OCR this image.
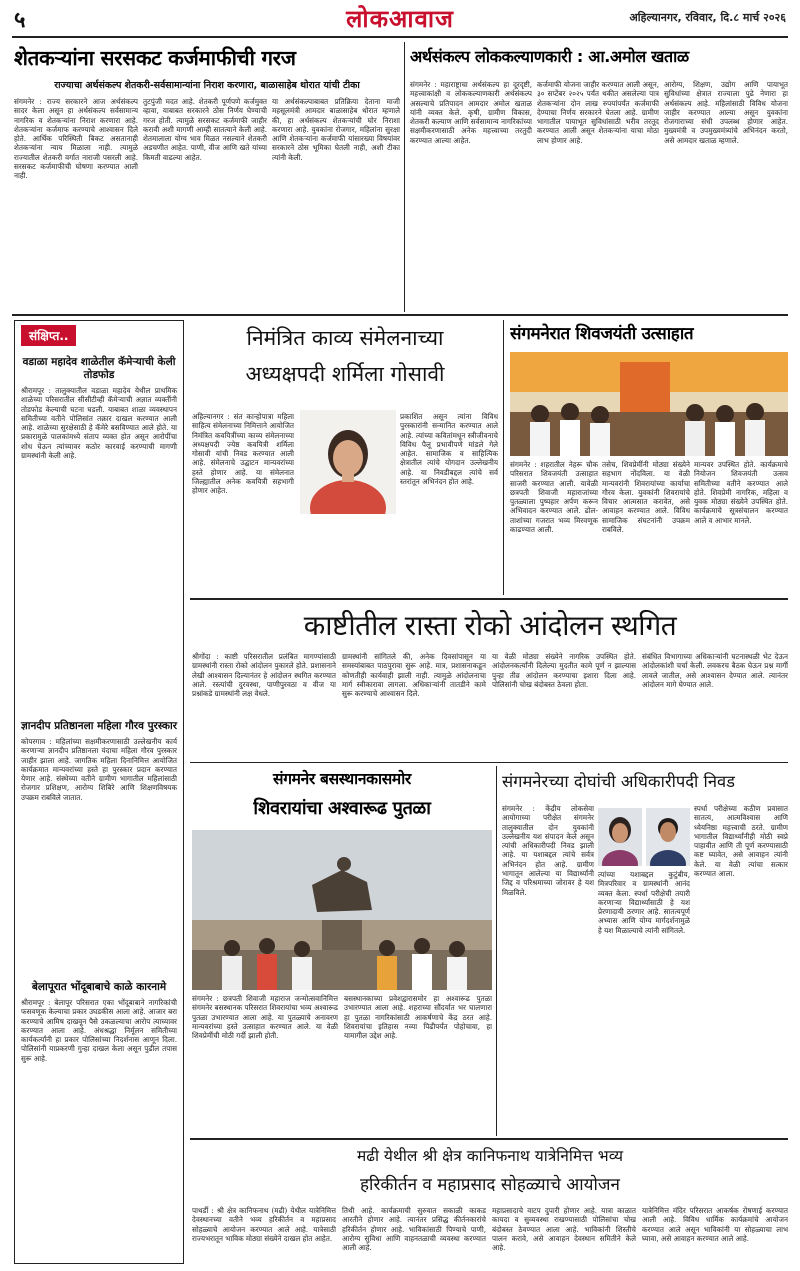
५	लोकआवाज	अहिल्यानगर, रविवार, दि.८ मार्च २०२६
शेतकऱ्यांना सरसकट कर्जमाफीची गरज
राज्याचा अर्थसंकल्प शेतकरी-सर्वसामान्यांना निराश करणारा, बाळासाहेब थोरात यांची टीका
संगमनेर : राज्य सरकारने आज अर्थसंकल्प सादर केला असून हा अर्थसंकल्प सर्वसामान्य नागरिक व शेतकऱ्यांना निराश करणारा आहे. शेतकऱ्यांना कर्जमाफ करण्याचे आश्वासन दिले होते. आर्थिक परिस्थिती बिकट असतानाही शेतकऱ्यांना न्याय मिळाला नाही. त्यामुळे राज्यातील शेतकरी वर्गात नाराजी पसरली आहे. सरसकट कर्जमाफीची घोषणा करण्यात आली नाही.
तुटपुंजी मदत आहे. शेतकरी पूर्णपणे कर्जमुक्त व्हावा, याबाबत सरकारने ठोस निर्णय घेण्याची गरज होती. त्यामुळे सरसकट कर्जमाफी जाहीर करावी अशी मागणी आम्ही सातत्याने केली आहे. शेतमालाला योग्य भाव मिळत नसल्याने शेतकरी अडचणीत आहेत. पाणी, वीज आणि खते यांच्या किमती वाढल्या आहेत.
या अर्थसंकल्पाबाबत प्रतिक्रिया देताना माजी महसूलमंत्री आमदार बाळासाहेब थोरात म्हणाले की, हा अर्थसंकल्प शेतकऱ्यांची घोर निराशा करणारा आहे. युवकांना रोजगार, महिलांना सुरक्षा आणि शेतकऱ्यांना कर्जमाफी यांसारख्या विषयांवर सरकारने ठोस भूमिका घेतली नाही, अशी टीका त्यांनी केली.
अर्थसंकल्प लोककल्याणकारी : आ.अमोल खताळ
संगमनेर : महाराष्ट्राचा अर्थसंकल्प हा दूरदृष्टी, महत्त्वाकांक्षी व लोककल्याणकारी अर्थसंकल्प असल्याचे प्रतिपादन आमदार अमोल खताळ यांनी व्यक्त केले. कृषी, ग्रामीण विकास, शेतकरी कल्याण आणि सर्वसामान्य नागरिकांच्या सक्षमीकरणासाठी अनेक महत्त्वाच्या तरतुदी करण्यात आल्या आहेत.
कर्जमाफी योजना जाहीर करण्यात आली असून, ३० सप्टेंबर २०२५ पर्यंत थकीत असलेल्या पात्र शेतकऱ्यांना दोन लाख रुपयांपर्यंत कर्जमाफी देण्याचा निर्णय सरकारने घेतला आहे. ग्रामीण भागातील पायाभूत सुविधांसाठी भरीव तरतूद करण्यात आली असून शेतकऱ्यांना याचा मोठा लाभ होणार आहे.
आरोग्य, शिक्षण, उद्योग आणि पायाभूत सुविधांच्या क्षेत्रात राज्याला पुढे नेणारा हा अर्थसंकल्प आहे. महिलांसाठी विविध योजना जाहीर करण्यात आल्या असून युवकांना रोजगाराच्या संधी उपलब्ध होणार आहेत. मुख्यमंत्री व उपमुख्यमंत्र्यांचे अभिनंदन करतो, असे आमदार खताळ म्हणाले.
संक्षिप्त..
वडाळा महादेव शाळेतील कॅमेऱ्याची केली तोडफोड
श्रीरामपूर : तालुक्यातील वडाळा महादेव येथील प्राथमिक शाळेच्या परिसरातील सीसीटीव्ही कॅमेऱ्याची अज्ञात व्यक्तींनी तोडफोड केल्याची घटना घडली. याबाबत शाळा व्यवस्थापन समितीच्या वतीने पोलिसांत तक्रार दाखल करण्यात आली आहे. शाळेच्या सुरक्षेसाठी हे कॅमेरे बसविण्यात आले होते. या प्रकारामुळे पालकांमध्ये संताप व्यक्त होत असून आरोपींचा शोध घेऊन त्यांच्यावर कठोर कारवाई करण्याची मागणी ग्रामस्थांनी केली आहे.
ज्ञानदीप प्रतिष्ठानला महिला गौरव पुरस्कार
कोपरगाव : महिलांच्या सक्षमीकरणासाठी उल्लेखनीय कार्य करणाऱ्या ज्ञानदीप प्रतिष्ठानला यंदाचा महिला गौरव पुरस्कार जाहीर झाला आहे. जागतिक महिला दिनानिमित्त आयोजित कार्यक्रमात मान्यवरांच्या हस्ते हा पुरस्कार प्रदान करण्यात येणार आहे. संस्थेच्या वतीने ग्रामीण भागातील महिलांसाठी रोजगार प्रशिक्षण, आरोग्य शिबिरे आणि शिक्षणविषयक उपक्रम राबविले जातात.
बेलापूरात भोंदूबाबाचे काळे कारनामे
श्रीरामपूर : बेलापूर परिसरात एका भोंदूबाबाने नागरिकांची फसवणूक केल्याचा प्रकार उघडकीस आला आहे. आजार बरा करण्याचे आमिष दाखवून पैसे उकळल्याचा आरोप त्याच्यावर करण्यात आला आहे. अंधश्रद्धा निर्मूलन समितीच्या कार्यकर्त्यांनी हा प्रकार पोलिसांच्या निदर्शनास आणून दिला. पोलिसांनी याप्रकरणी गुन्हा दाखल केला असून पुढील तपास सुरू आहे.
निमंत्रित काव्य संमेलनाच्या
अध्यक्षपदी शर्मिला गोसावी
अहिल्यानगर : संत कान्होपात्रा महिला साहित्य संमेलनाच्या निमित्ताने आयोजित निमंत्रित कवयित्रींच्या काव्य संमेलनाच्या अध्यक्षपदी ज्येष्ठ कवयित्री शर्मिला गोसावी यांची निवड करण्यात आली आहे. संमेलनाचे उद्घाटन मान्यवरांच्या हस्ते होणार आहे. या संमेलनात जिल्ह्यातील अनेक कवयित्री सहभागी होणार आहेत.
प्रकाशित असून त्यांना विविध पुरस्कारांनी सन्मानित करण्यात आले आहे. त्यांच्या कवितांमधून स्त्रीजीवनाचे विविध पैलू प्रभावीपणे मांडले गेले आहेत. सामाजिक व साहित्यिक क्षेत्रातील त्यांचे योगदान उल्लेखनीय आहे. या निवडीबद्दल त्यांचे सर्व स्तरांतून अभिनंदन होत आहे.
संगमनेरात शिवजयंती उत्साहात
संगमनेर : शहरातील नेहरू चौक परिसरात शिवजयंती उत्साहात साजरी करण्यात आली. यावेळी छत्रपती शिवाजी महाराजांच्या पुतळ्याला पुष्पहार अर्पण करून अभिवादन करण्यात आले. ढोल-ताशांच्या गजरात भव्य मिरवणूक काढण्यात आली.
तसेच, शिवप्रेमींनी मोठ्या संख्येने सहभाग नोंदविला. या वेळी मान्यवरांनी शिवरायांच्या कार्याचा गौरव केला. युवकांनी शिवरायांचे विचार आत्मसात करावेत, असे आवाहन करण्यात आले. विविध सामाजिक संघटनांनी उपक्रम राबविले.
मान्यवर उपस्थित होते. कार्यक्रमाचे नियोजन शिवजयंती उत्सव समितीच्या वतीने करण्यात आले होते. शिवप्रेमी नागरिक, महिला व युवक मोठ्या संख्येने उपस्थित होते. कार्यक्रमाचे सूत्रसंचालन करण्यात आले व आभार मानले.
काष्टीतील रास्ता रोको आंदोलन स्थगित
श्रीगोंदा : काष्टी परिसरातील प्रलंबित मागण्यांसाठी ग्रामस्थांनी रास्ता रोको आंदोलन पुकारले होते. प्रशासनाने लेखी आश्वासन दिल्यानंतर हे आंदोलन स्थगित करण्यात आले. रस्त्यांची दुरवस्था, पाणीपुरवठा व वीज या प्रश्नांकडे ग्रामस्थांनी लक्ष वेधले.
ग्रामस्थांनी सांगितले की, अनेक दिवसांपासून या समस्यांबाबत पाठपुरावा सुरू आहे. मात्र, प्रशासनाकडून कोणतीही कार्यवाही झाली नाही. त्यामुळे आंदोलनाचा मार्ग स्वीकारावा लागला. अधिकाऱ्यांनी तातडीने कामे सुरू करण्याचे आश्वासन दिले.
या वेळी मोठ्या संख्येने नागरिक उपस्थित होते. आंदोलनकर्त्यांनी दिलेल्या मुदतीत कामे पूर्ण न झाल्यास पुन्हा तीव्र आंदोलन करण्याचा इशारा दिला आहे. पोलिसांनी चोख बंदोबस्त ठेवला होता.
संबंधित विभागाच्या अधिकाऱ्यांनी घटनास्थळी भेट देऊन आंदोलकांशी चर्चा केली. लवकरच बैठक घेऊन प्रश्न मार्गी लावले जातील, असे आश्वासन देण्यात आले. त्यानंतर आंदोलन मागे घेण्यात आले.
संगमनेर बसस्थानकासमोर
शिवरायांचा अश्वारूढ पुतळा
संगमनेर : छत्रपती शिवाजी महाराज जन्मोत्सवानिमित्त संगमनेर बसस्थानक परिसरात शिवरायांचा भव्य अश्वारूढ पुतळा उभारण्यात आला आहे. या पुतळ्याचे अनावरण मान्यवरांच्या हस्ते उत्साहात करण्यात आले. या वेळी शिवप्रेमींची मोठी गर्दी झाली होती.
बसस्थानकाच्या प्रवेशद्वारासमोर हा अश्वारूढ पुतळा उभारण्यात आला आहे. शहराच्या सौंदर्यात भर घालणारा हा पुतळा नागरिकांसाठी आकर्षणाचे केंद्र ठरत आहे. शिवरायांचा इतिहास नव्या पिढीपर्यंत पोहोचावा, हा यामागील उद्देश आहे.
संगमनेरच्या दोघांची अधिकारीपदी निवड
संगमनेर : केंद्रीय लोकसेवा आयोगाच्या परीक्षेत संगमनेर तालुक्यातील दोन युवकांनी उल्लेखनीय यश संपादन केले असून त्यांची अधिकारीपदी निवड झाली आहे. या यशाबद्दल त्यांचे सर्वत्र अभिनंदन होत आहे. ग्रामीण भागातून आलेल्या या विद्यार्थ्यांनी जिद्द व परिश्रमाच्या जोरावर हे यश मिळविले.
त्यांच्या यशाबद्दल कुटुंबीय, मित्रपरिवार व ग्रामस्थांनी आनंद व्यक्त केला. स्पर्धा परीक्षेची तयारी करणाऱ्या विद्यार्थ्यांसाठी हे यश प्रेरणादायी ठरणार आहे. सातत्यपूर्ण अभ्यास आणि योग्य मार्गदर्शनामुळे हे यश मिळाल्याचे त्यांनी सांगितले.
स्पर्धा परीक्षेच्या कठीण प्रवासात सातत्य, आत्मविश्वास आणि ध्येयनिष्ठा महत्त्वाची ठरते. ग्रामीण भागातील विद्यार्थ्यांनीही मोठी स्वप्ने पाहावीत आणि ती पूर्ण करण्यासाठी कष्ट घ्यावेत, असे आवाहन त्यांनी केले. या वेळी त्यांचा सत्कार करण्यात आला.
मढी येथील श्री क्षेत्र कानिफनाथ यात्रेनिमित्त भव्य
हरिकीर्तन व महाप्रसाद सोहळ्याचे आयोजन
पाथर्डी : श्री क्षेत्र कानिफनाथ (मढी) येथील यात्रेनिमित्त देवस्थानच्या वतीने भव्य हरिकीर्तन व महाप्रसाद सोहळ्याचे आयोजन करण्यात आले आहे. यात्रेसाठी राज्यभरातून भाविक मोठ्या संख्येने दाखल होत आहेत.
तिथी आहे. कार्यक्रमाची सुरुवात सकाळी काकड आरतीने होणार आहे. त्यानंतर प्रसिद्ध कीर्तनकारांचे हरिकीर्तन होणार आहे. भाविकांसाठी पिण्याचे पाणी, आरोग्य सुविधा आणि वाहनतळाची व्यवस्था करण्यात आली आहे.
महाप्रसादाचे वाटप दुपारी होणार आहे. यात्रा काळात कायदा व सुव्यवस्था राखण्यासाठी पोलिसांचा चोख बंदोबस्त ठेवण्यात आला आहे. भाविकांनी शिस्तीचे पालन करावे, असे आवाहन देवस्थान समितीने केले आहे.
यात्रेनिमित्त मंदिर परिसरात आकर्षक रोषणाई करण्यात आली आहे. विविध धार्मिक कार्यक्रमांचे आयोजन करण्यात आले असून भाविकांनी या सोहळ्याचा लाभ घ्यावा, असे आवाहन करण्यात आले आहे.
